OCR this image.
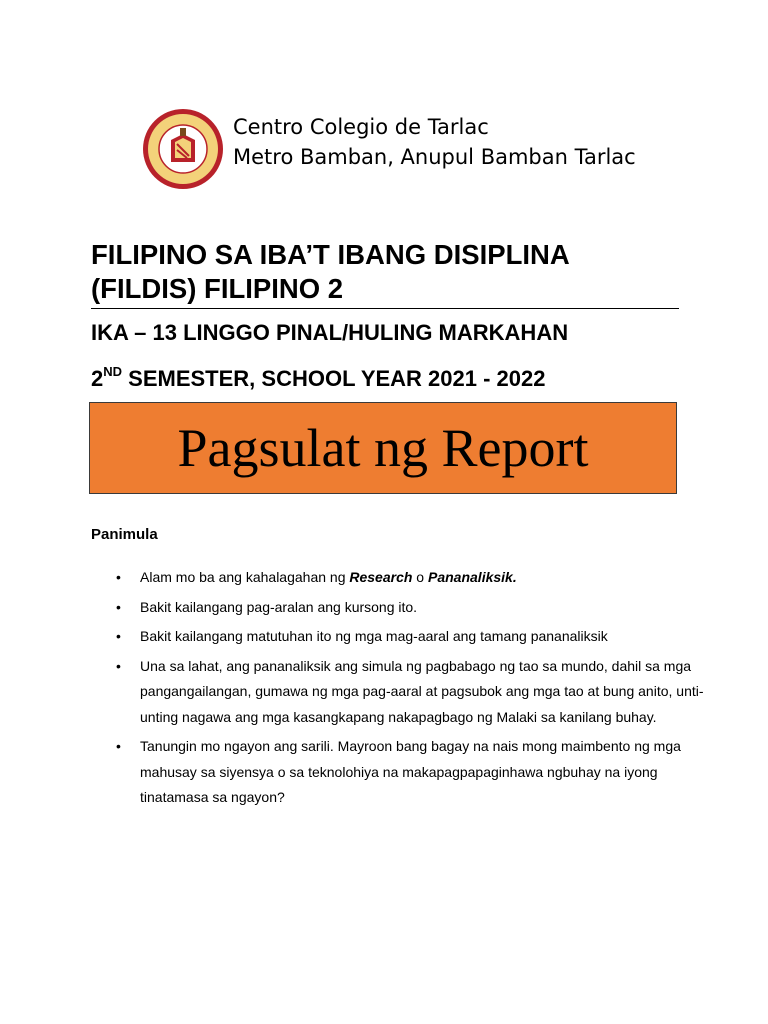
Centro Colegio de Tarlac
Metro Bamban, Anupul Bamban Tarlac
FILIPINO SA IBA’T IBANG DISIPLINA
(FILDIS) FILIPINO 2
IKA – 13 LINGGO PINAL/HULING MARKAHAN
2ND SEMESTER, SCHOOL YEAR 2021 - 2022
Pagsulat ng Report
Panimula
• Alam mo ba ang kahalagahan ng Research o Pananaliksik.
• Bakit kailangang pag-aralan ang kursong ito.
• Bakit kailangang matutuhan ito ng mga mag-aaral ang tamang pananaliksik
• Una sa lahat, ang pananaliksik ang simula ng pagbabago ng tao sa mundo, dahil sa mga pangangailangan, gumawa ng mga pag-aaral at pagsubok ang mga tao at bung anito, unti-unting nagawa ang mga kasangkapang nakapagbago ng Malaki sa kanilang buhay.
• Tanungin mo ngayon ang sarili. Mayroon bang bagay na nais mong maimbento ng mga mahusay sa siyensya o sa teknolohiya na makapagpapaginhawa ngbuhay na iyong tinatamasa sa ngayon?
